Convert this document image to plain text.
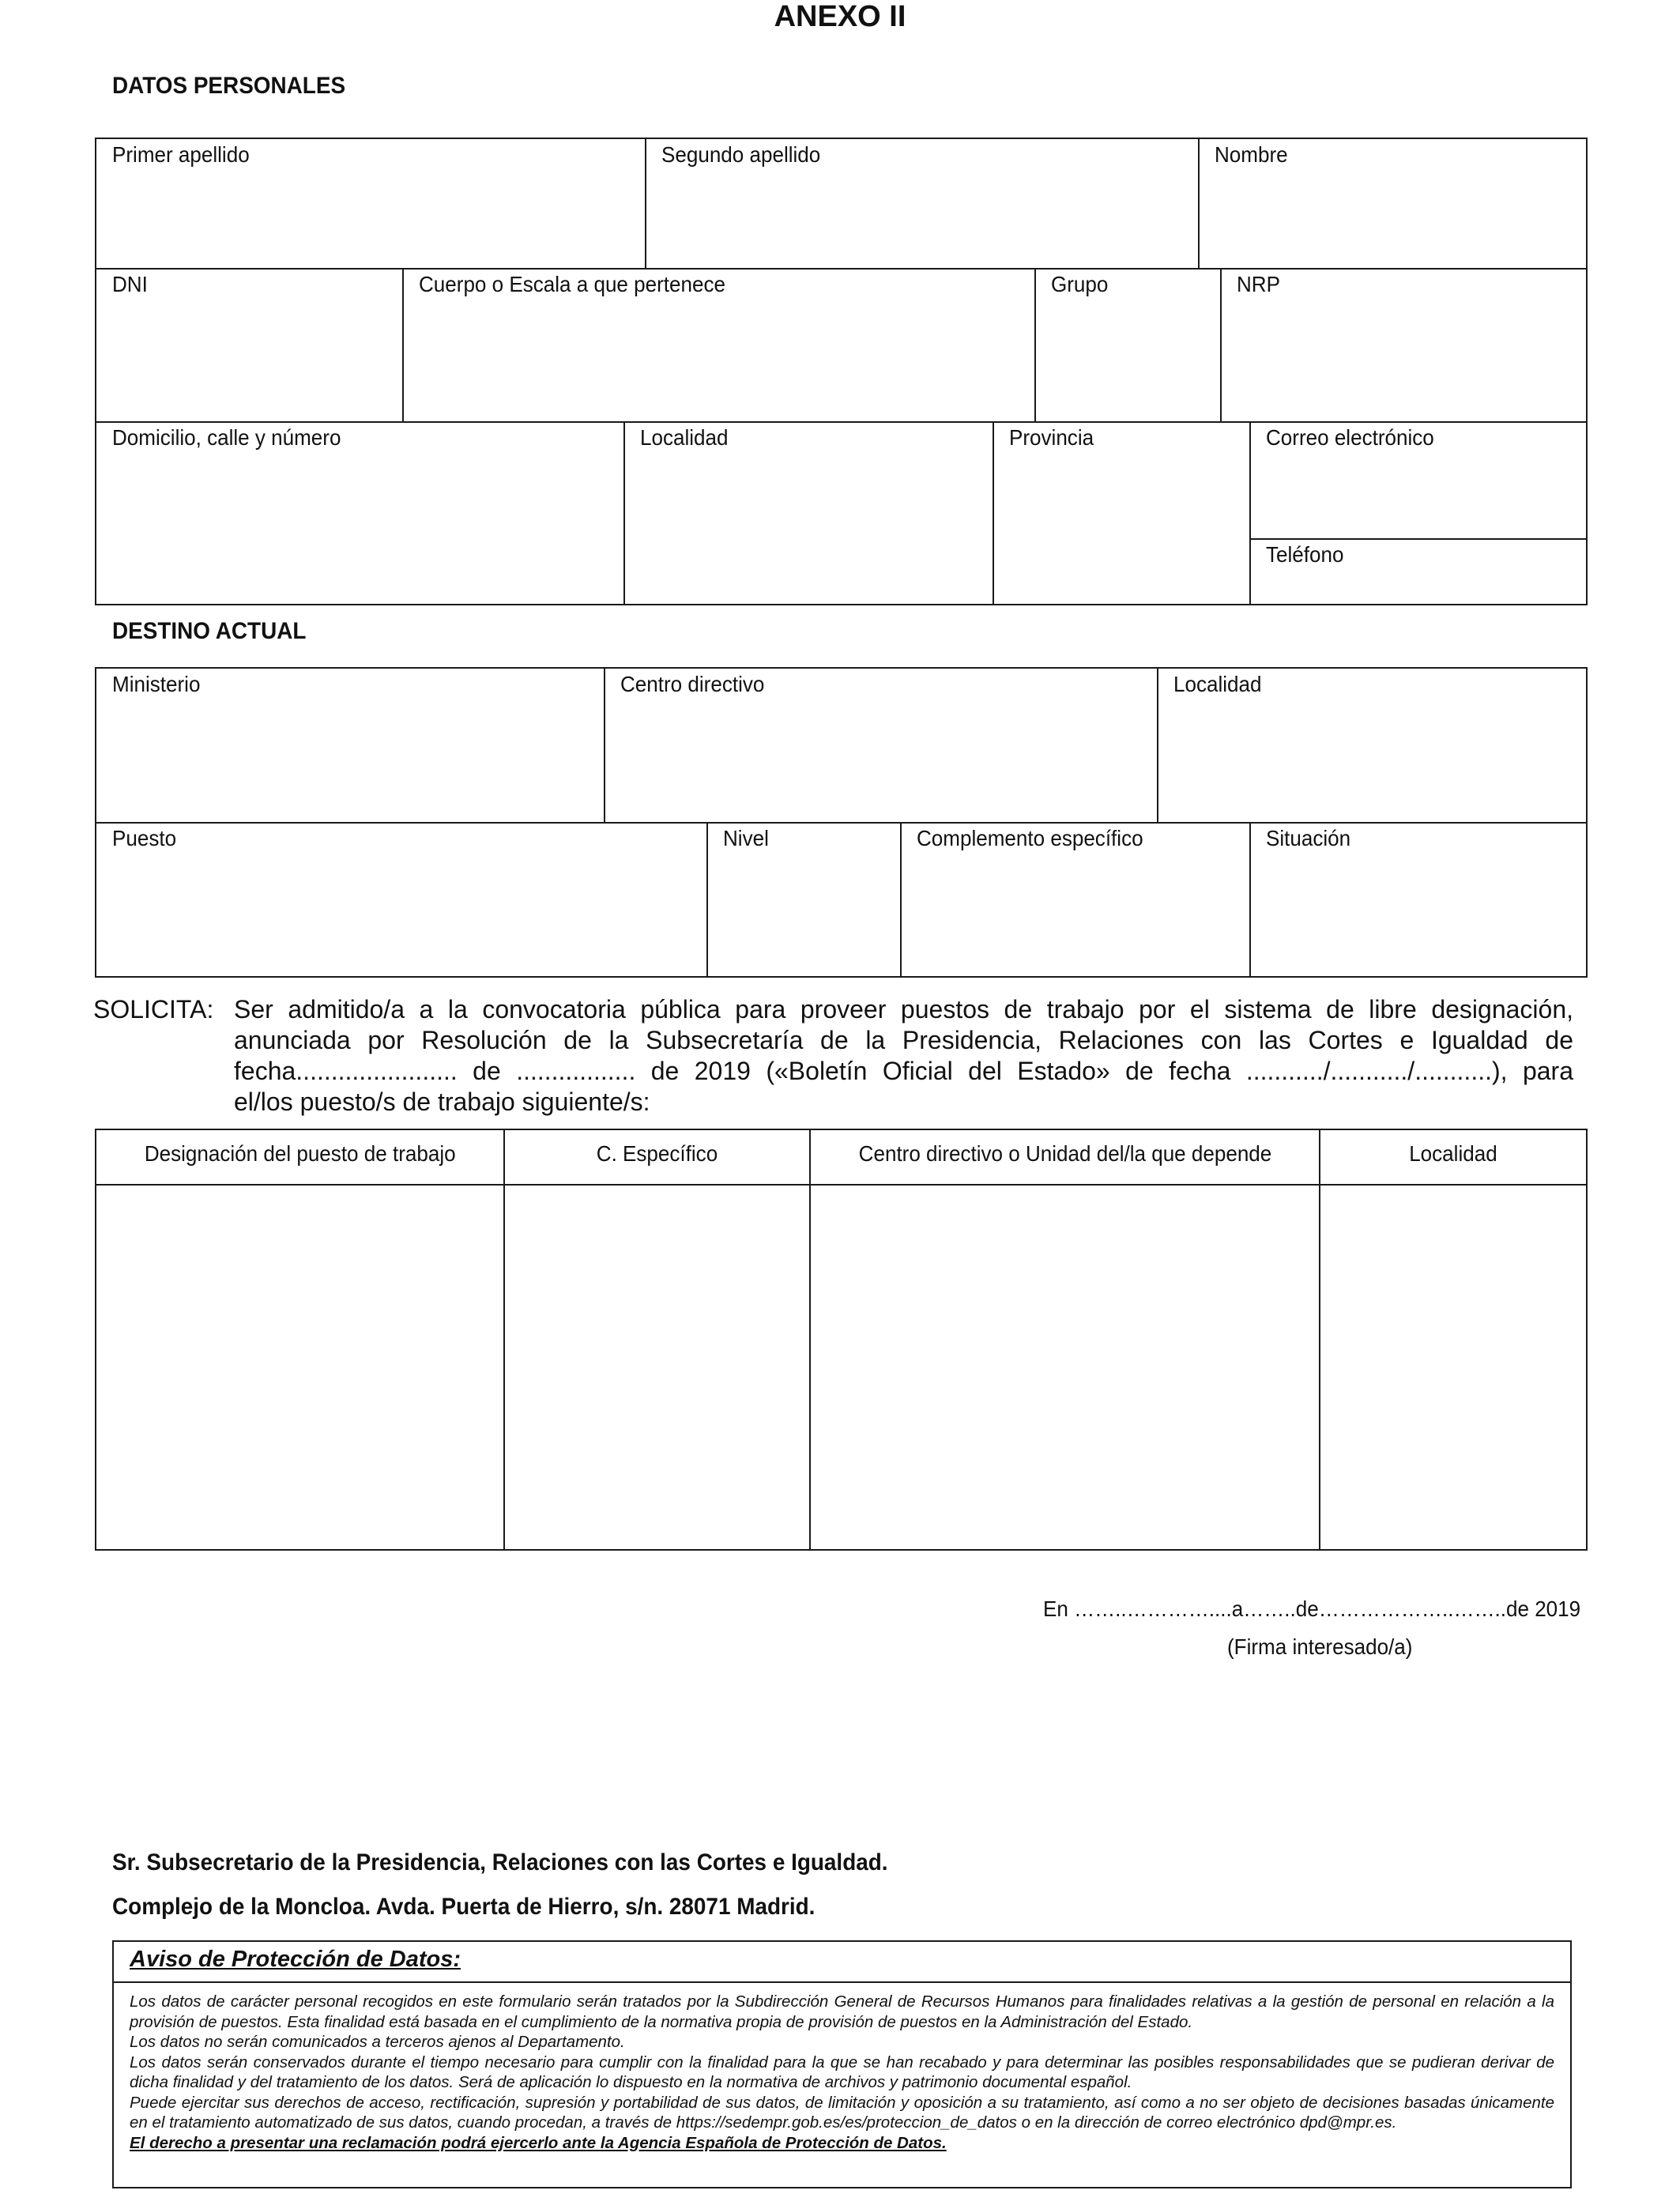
ANEXO II
DATOS PERSONALES
Primer apellido	Segundo apellido	Nombre
DNI	Cuerpo o Escala a que pertenece	Grupo	NRP
Domicilio, calle y número	Localidad	Provincia	Correo electrónico
Teléfono
DESTINO ACTUAL
Ministerio	Centro directivo	Localidad
Puesto	Nivel	Complemento específico	Situación
SOLICITA: Ser admitido/a a la convocatoria pública para proveer puestos de trabajo por el sistema de libre designación,
anunciada por Resolución de la Subsecretaría de la Presidencia, Relaciones con las Cortes e Igualdad de
fecha....................... de ................. de 2019 («Boletín Oficial del Estado» de fecha .........../.........../...........), para
el/los puesto/s de trabajo siguiente/s:
Designación del puesto de trabajo	C. Específico	Centro directivo o Unidad del/la que depende	Localidad
En ……..…………....a……..de………………..……..de 2019
(Firma interesado/a)
Sr. Subsecretario de la Presidencia, Relaciones con las Cortes e Igualdad.
Complejo de la Moncloa. Avda. Puerta de Hierro, s/n. 28071 Madrid.
Aviso de Protección de Datos:

Los datos de carácter personal recogidos en este formulario serán tratados por la Subdirección General de Recursos Humanos para finalidades relativas a la gestión de personal en relación a la provisión de puestos. Esta finalidad está basada en el cumplimiento de la normativa propia de provisión de puestos en la Administración del Estado.

Los datos no serán comunicados a terceros ajenos al Departamento.

Los datos serán conservados durante el tiempo necesario para cumplir con la finalidad para la que se han recabado y para determinar las posibles responsabilidades que se pudieran derivar de dicha finalidad y del tratamiento de los datos. Será de aplicación lo dispuesto en la normativa de archivos y patrimonio documental español.

Puede ejercitar sus derechos de acceso, rectificación, supresión y portabilidad de sus datos, de limitación y oposición a su tratamiento, así como a no ser objeto de decisiones basadas únicamente en el tratamiento automatizado de sus datos, cuando procedan, a través de https://sedempr.gob.es/es/proteccion_de_datos o en la dirección de correo electrónico dpd@mpr.es.

El derecho a presentar una reclamación podrá ejercerlo ante la Agencia Española de Protección de Datos.
